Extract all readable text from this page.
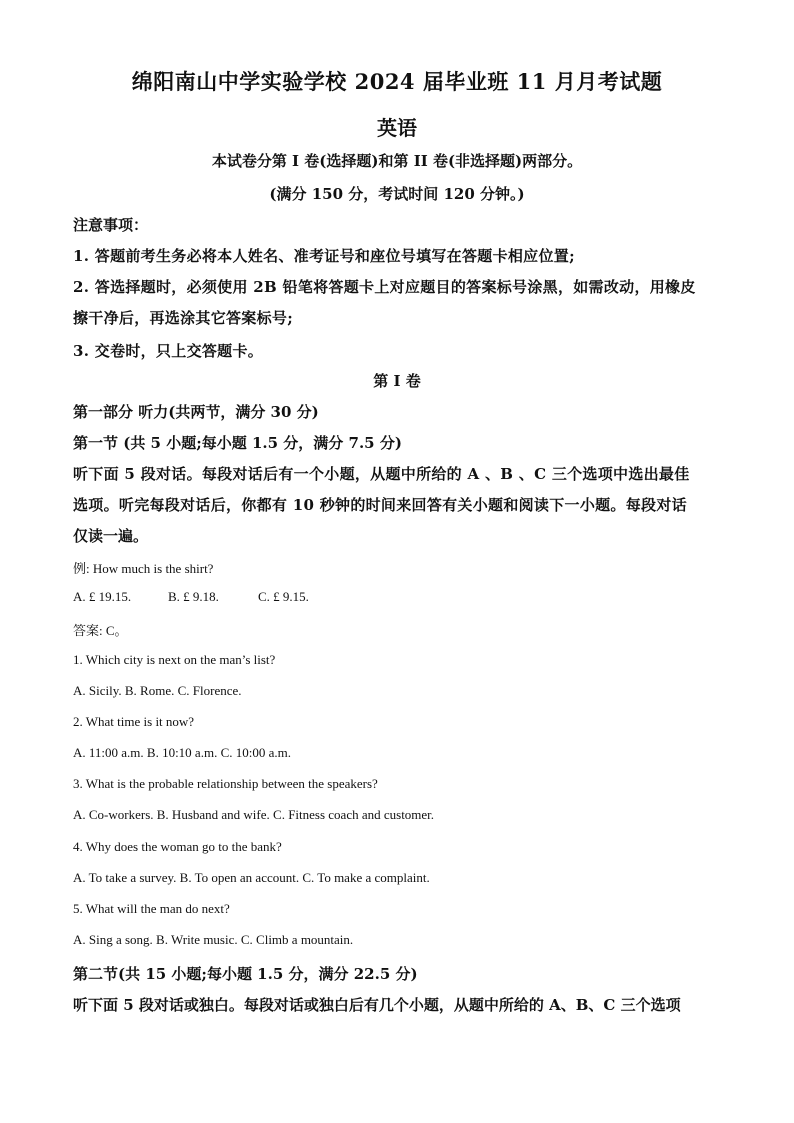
绵阳南山中学实验学校 2024 届毕业班 11 月月考试题
英语
本试卷分第 I 卷(选择题)和第 II 卷(非选择题)两部分。
(满分 150 分，考试时间 120 分钟。)
注意事项：
1. 答题前考生务必将本人姓名、准考证号和座位号填写在答题卡相应位置;
2. 答选择题时，必须使用 2B 铅笔将答题卡上对应题目的答案标号涂黑，如需改动，用橡皮
擦干净后，再选涂其它答案标号;
3. 交卷时，只上交答题卡。
第 I 卷
第一部分 听力(共两节，满分 30 分)
第一节 (共 5 小题;每小题 1.5 分，满分 7.5 分)
听下面 5 段对话。每段对话后有一个小题，从题中所给的 A 、B 、C 三个选项中选出最佳
选项。听完每段对话后，你都有 10 秒钟的时间来回答有关小题和阅读下一小题。每段对话
仅读一遍。
例: How much is the shirt?
A. £ 19.15.	B. £ 9.18.	C. £ 9.15.
答案: C。
1. Which city is next on the man’s list?
A. Sicily. B. Rome. C. Florence.
2. What time is it now?
A. 11:00 a.m. B. 10:10 a.m. C. 10:00 a.m.
3. What is the probable relationship between the speakers?
A. Co-workers. B. Husband and wife. C. Fitness coach and customer.
4. Why does the woman go to the bank?
A. To take a survey. B. To open an account. C. To make a complaint.
5. What will the man do next?
A. Sing a song. B. Write music. C. Climb a mountain.
第二节(共 15 小题;每小题 1.5 分，满分 22.5 分)
听下面 5 段对话或独白。每段对话或独白后有几个小题，从题中所给的 A、B、C 三个选项
